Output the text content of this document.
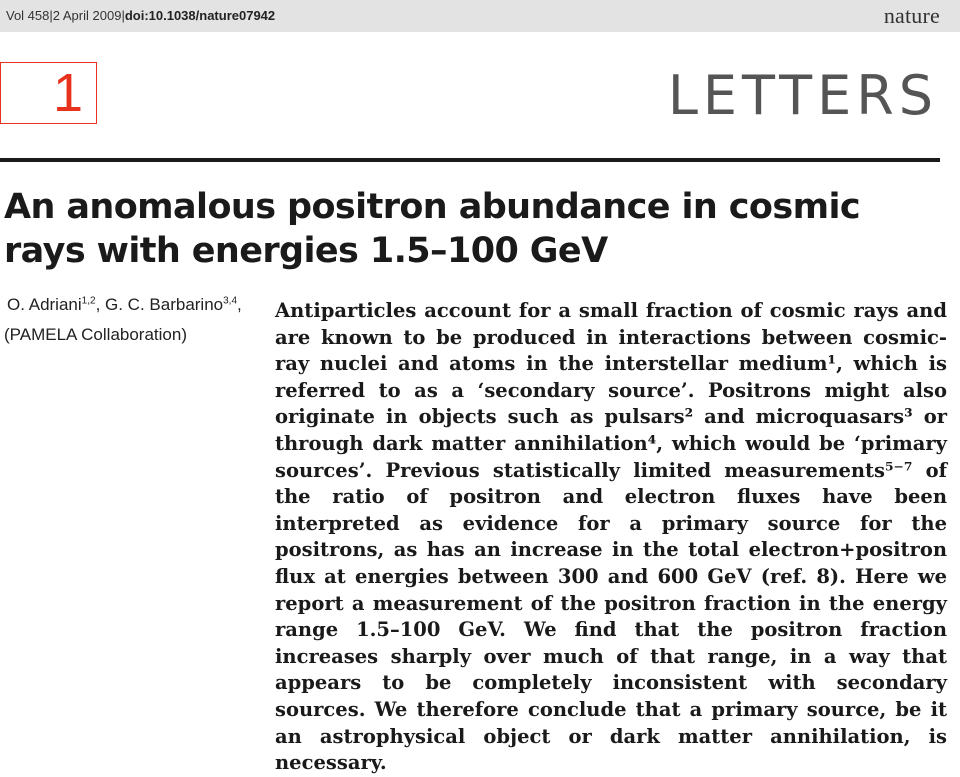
Vol 458|2 April 2009|doi:10.1038/nature07942	nature
1	LETTERS
An anomalous positron abundance in cosmic rays with energies 1.5–100 GeV
O. Adriani$^{1,2}$, G. C. Barbarino$^{3,4}$,
(PAMELA Collaboration)
Antiparticles account for a small fraction of cosmic rays and are known to be produced in interactions between cosmic-ray nuclei and atoms in the interstellar medium¹, which is referred to as a ‘secondary source’. Positrons might also originate in objects such as pulsars² and microquasars³ or through dark matter annihilation⁴, which would be ‘primary sources’. Previous statistically limited measurements⁵⁻⁷ of the ratio of positron and electron fluxes have been interpreted as evidence for a primary source for the positrons, as has an increase in the total electron+positron flux at energies between 300 and 600 GeV (ref. 8). Here we report a measurement of the positron fraction in the energy range 1.5–100 GeV. We find that the positron fraction increases sharply over much of that range, in a way that appears to be completely inconsistent with secondary sources. We therefore conclude that a primary source, be it an astrophysical object or dark matter annihilation, is necessary.
